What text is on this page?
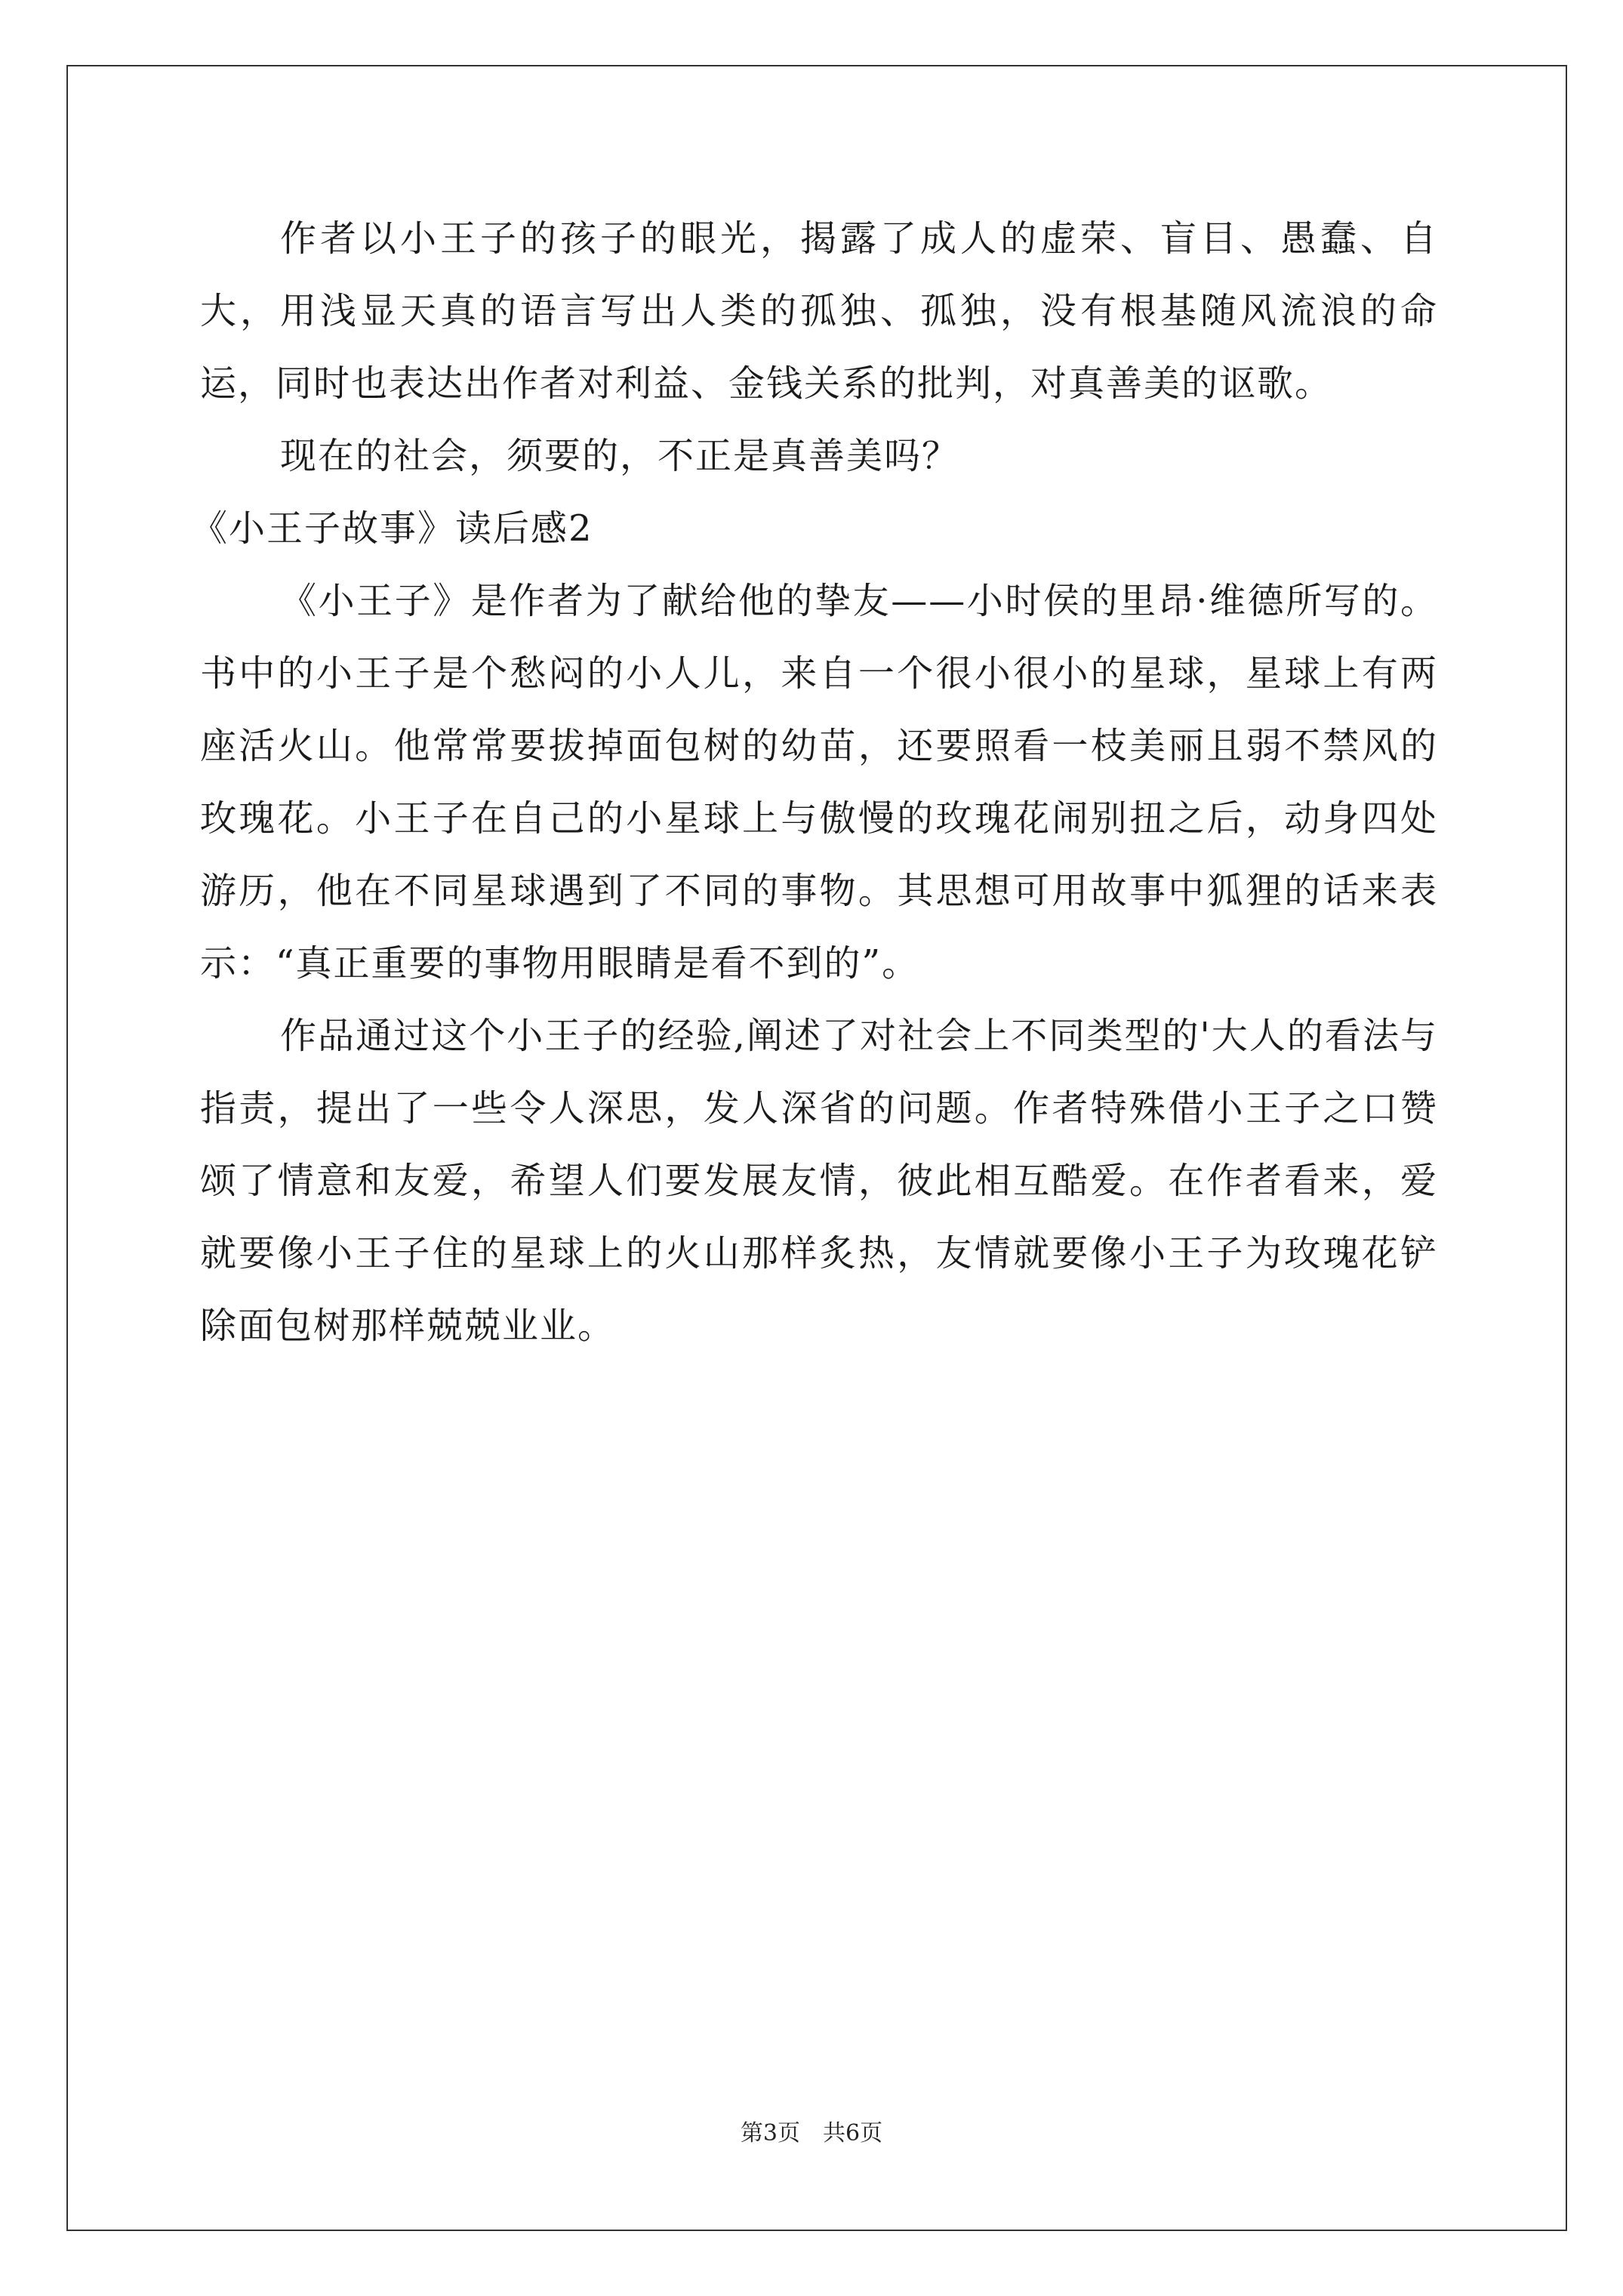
作者以小王子的孩子的眼光，揭露了成人的虚荣、盲目、愚蠢、自大，用浅显天真的语言写出人类的孤独、孤独，没有根基随风流浪的命运，同时也表达出作者对利益、金钱关系的批判，对真善美的讴歌。

现在的社会，须要的，不正是真善美吗？

《小王子故事》读后感2

《小王子》是作者为了献给他的挚友——小时侯的里昂·维德所写的。书中的小王子是个愁闷的小人儿，来自一个很小很小的星球，星球上有两座活火山。他常常要拔掉面包树的幼苗，还要照看一枝美丽且弱不禁风的玫瑰花。小王子在自己的小星球上与傲慢的玫瑰花闹别扭之后，动身四处游历，他在不同星球遇到了不同的事物。其思想可用故事中狐狸的话来表示：“真正重要的事物用眼睛是看不到的”。

作品通过这个小王子的经验,阐述了对社会上不同类型的'大人的看法与指责，提出了一些令人深思，发人深省的问题。作者特殊借小王子之口赞颂了情意和友爱，希望人们要发展友情，彼此相互酷爱。在作者看来，爱就要像小王子住的星球上的火山那样炙热，友情就要像小王子为玫瑰花铲除面包树那样兢兢业业。

第3页 共6页
